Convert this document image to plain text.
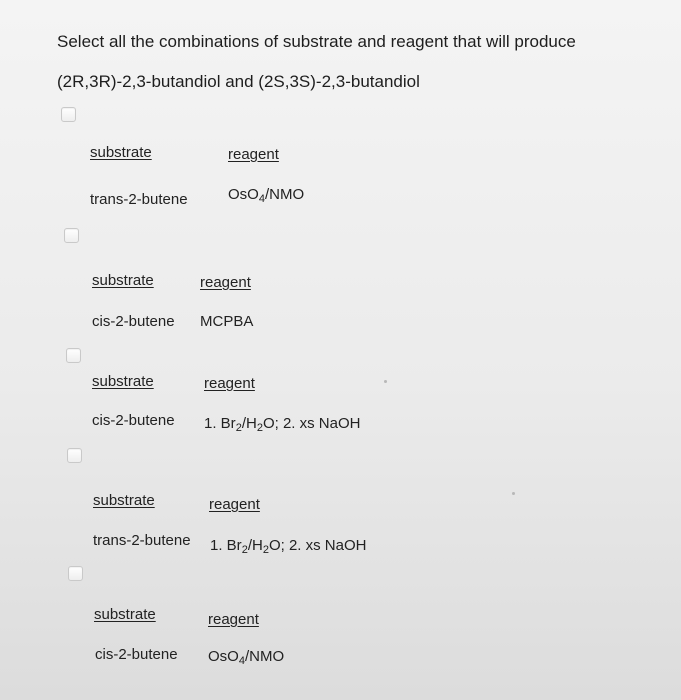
Select all the combinations of substrate and reagent that will produce
(2R,3R)-2,3-butandiol and (2S,3S)-2,3-butandiol
substrate	reagent
trans-2-butene	OsO$_4$/NMO
substrate	reagent
cis-2-butene MCPBA
substrate	reagent
cis-2-butene 1. $Br_2/H_2O$; 2. xs NaOH
substrate	reagent
trans-2-butene 1. $Br_2/H_2O$; 2. xs NaOH
substrate	reagent
cis-2-butene OsO$_4$/NMO
